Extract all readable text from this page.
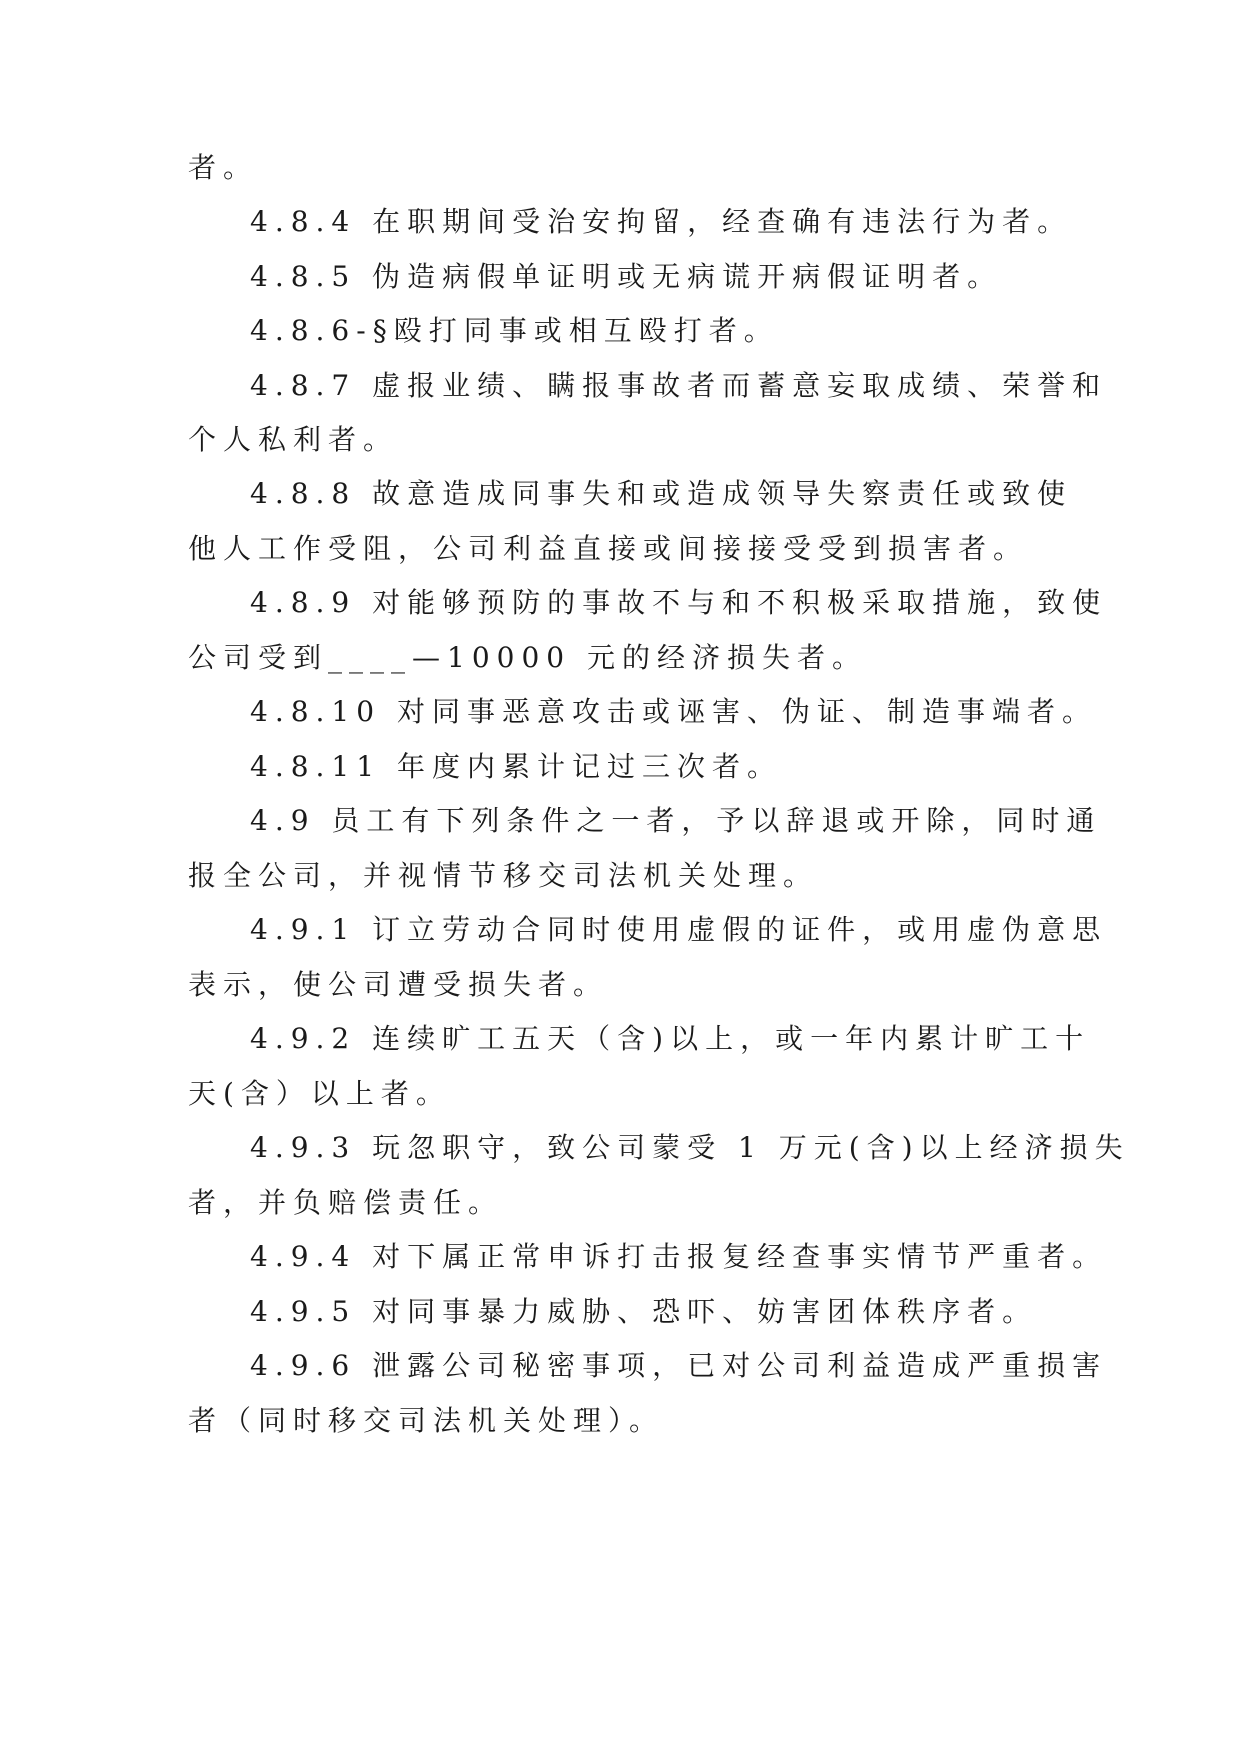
者。
4.8.4 在职期间受治安拘留，经查确有违法行为者。
4.8.5 伪造病假单证明或无病谎开病假证明者。
4.8.6-§殴打同事或相互殴打者。
4.8.7 虚报业绩、瞒报事故者而蓄意妄取成绩、荣誉和
个人私利者。
4.8.8 故意造成同事失和或造成领导失察责任或致使
他人工作受阻，公司利益直接或间接接受受到损害者。
4.8.9 对能够预防的事故不与和不积极采取措施，致使
公司受到____—10000 元的经济损失者。
4.8.10 对同事恶意攻击或诬害、伪证、制造事端者。
4.8.11 年度内累计记过三次者。
4.9 员工有下列条件之一者，予以辞退或开除，同时通
报全公司，并视情节移交司法机关处理。
4.9.1 订立劳动合同时使用虚假的证件，或用虚伪意思
表示，使公司遭受损失者。
4.9.2 连续旷工五天（含)以上，或一年内累计旷工十
天(含）以上者。
4.9.3 玩忽职守，致公司蒙受 1 万元(含)以上经济损失
者，并负赔偿责任。
4.9.4 对下属正常申诉打击报复经查事实情节严重者。
4.9.5 对同事暴力威胁、恐吓、妨害团体秩序者。
4.9.6 泄露公司秘密事项，已对公司利益造成严重损害
者（同时移交司法机关处理）。
